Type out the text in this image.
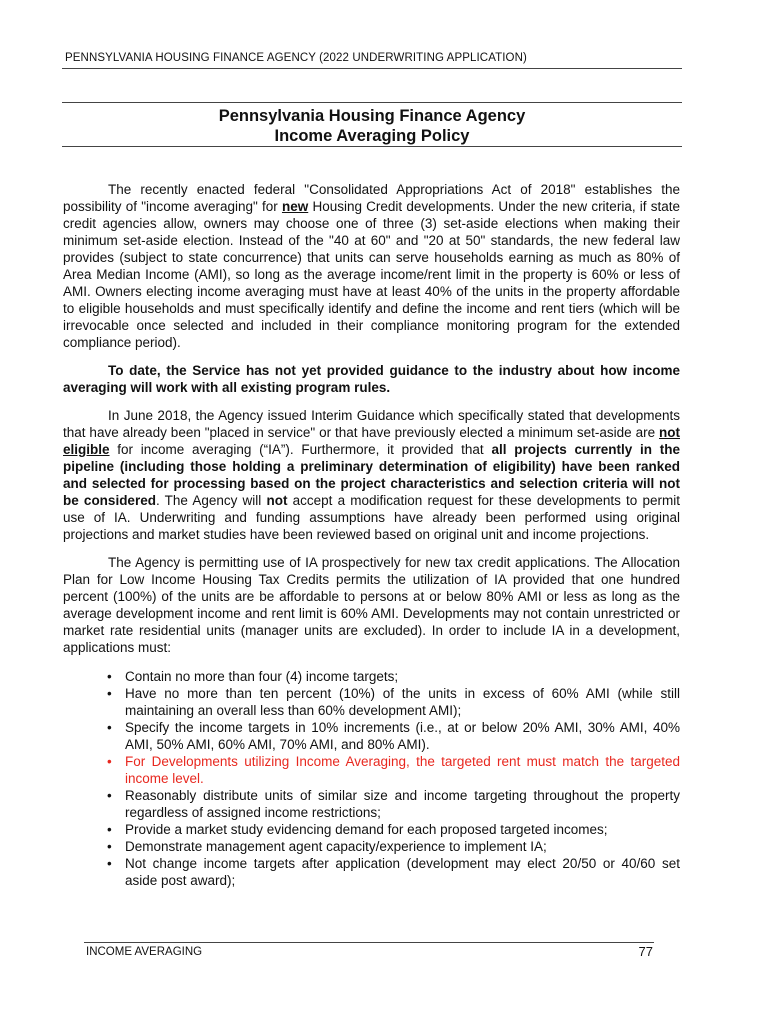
PENNSYLVANIA HOUSING FINANCE AGENCY (2022 UNDERWRITING APPLICATION)
Pennsylvania Housing Finance Agency
Income Averaging Policy

The recently enacted federal "Consolidated Appropriations Act of 2018" establishes the possibility of "income averaging" for new Housing Credit developments. Under the new criteria, if state credit agencies allow, owners may choose one of three (3) set-aside elections when making their minimum set-aside election. Instead of the "40 at 60" and "20 at 50" standards, the new federal law provides (subject to state concurrence) that units can serve households earning as much as 80% of Area Median Income (AMI), so long as the average income/rent limit in the property is 60% or less of AMI. Owners electing income averaging must have at least 40% of the units in the property affordable to eligible households and must specifically identify and define the income and rent tiers (which will be irrevocable once selected and included in their compliance monitoring program for the extended compliance period).

To date, the Service has not yet provided guidance to the industry about how income averaging will work with all existing program rules.

In June 2018, the Agency issued Interim Guidance which specifically stated that developments that have already been "placed in service" or that have previously elected a minimum set-aside are not eligible for income averaging (“IA”). Furthermore, it provided that all projects currently in the pipeline (including those holding a preliminary determination of eligibility) have been ranked and selected for processing based on the project characteristics and selection criteria will not be considered. The Agency will not accept a modification request for these developments to permit use of IA. Underwriting and funding assumptions have already been performed using original projections and market studies have been reviewed based on original unit and income projections.

The Agency is permitting use of IA prospectively for new tax credit applications. The Allocation Plan for Low Income Housing Tax Credits permits the utilization of IA provided that one hundred percent (100%) of the units are be affordable to persons at or below 80% AMI or less as long as the average development income and rent limit is 60% AMI. Developments may not contain unrestricted or market rate residential units (manager units are excluded). In order to include IA in a development, applications must:

• Contain no more than four (4) income targets;
• Have no more than ten percent (10%) of the units in excess of 60% AMI (while still maintaining an overall less than 60% development AMI);
• Specify the income targets in 10% increments (i.e., at or below 20% AMI, 30% AMI, 40% AMI, 50% AMI, 60% AMI, 70% AMI, and 80% AMI).
• For Developments utilizing Income Averaging, the targeted rent must match the targeted income level.
• Reasonably distribute units of similar size and income targeting throughout the property regardless of assigned income restrictions;
• Provide a market study evidencing demand for each proposed targeted incomes;
• Demonstrate management agent capacity/experience to implement IA;
• Not change income targets after application (development may elect 20/50 or 40/60 set aside post award);
INCOME AVERAGING	77
